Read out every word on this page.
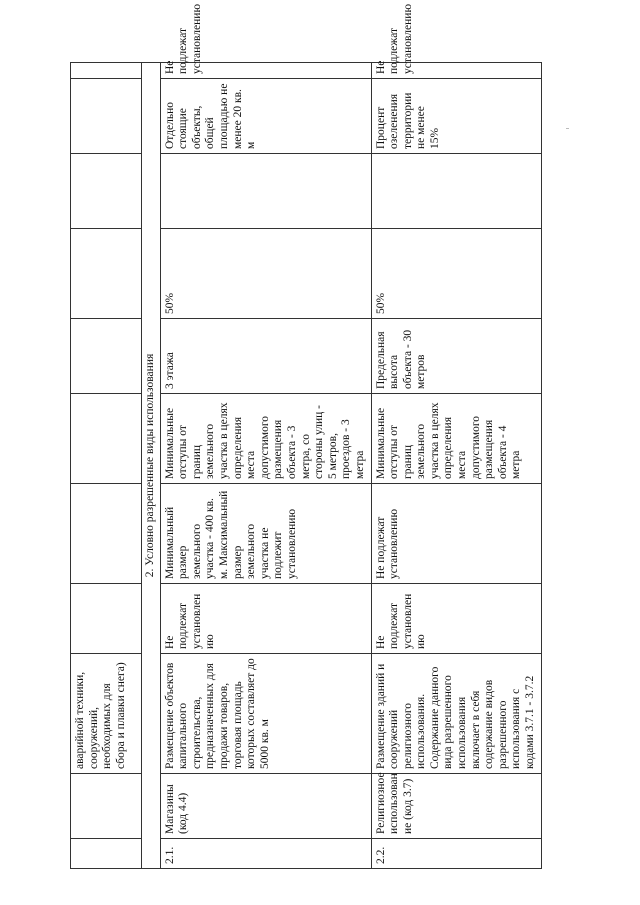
		аварийной техники, сооружений, необходимых для сбора и плавки снега)								
2. Условно разрешенные виды использования										
2.1.	Магазины (код 4.4)	Размещение объектов капитального строительства, предназначенных для продажи товаров, торговая площадь которых составляет до 5000 кв. м	Не подлежат установлен ию	Минимальный размер земельного участка - 400 кв. м. Максимальный размер земельного участка не подлежит установлению	Минимальные отступы от границ земельного участка в целях определения места допустимого размещения объекта - 3 метра, со стороны улиц - 5 метров, проездов - 3 метра	3 этажа	50%		Отдельно стоящие объекты, общей площадью не менее 20 кв. м	Не подлежат установлению
2.2.	Религиозное использован ие (код 3.7)	Размещение зданий и сооружений религиозного использования. Содержание данного вида разрешенного использования включает в себя содержание видов разрешенного использования с кодами 3.7.1 - 3.7.2	Не подлежат установлен ию	Не подлежат установлению	Минимальные отступы от границ земельного участка в целях определения места допустимого размещения объекта - 4 метра	Предельная высота объекта - 30 метров	50%		Процент озеленения территории не менее 15%	Не подлежат установлению
